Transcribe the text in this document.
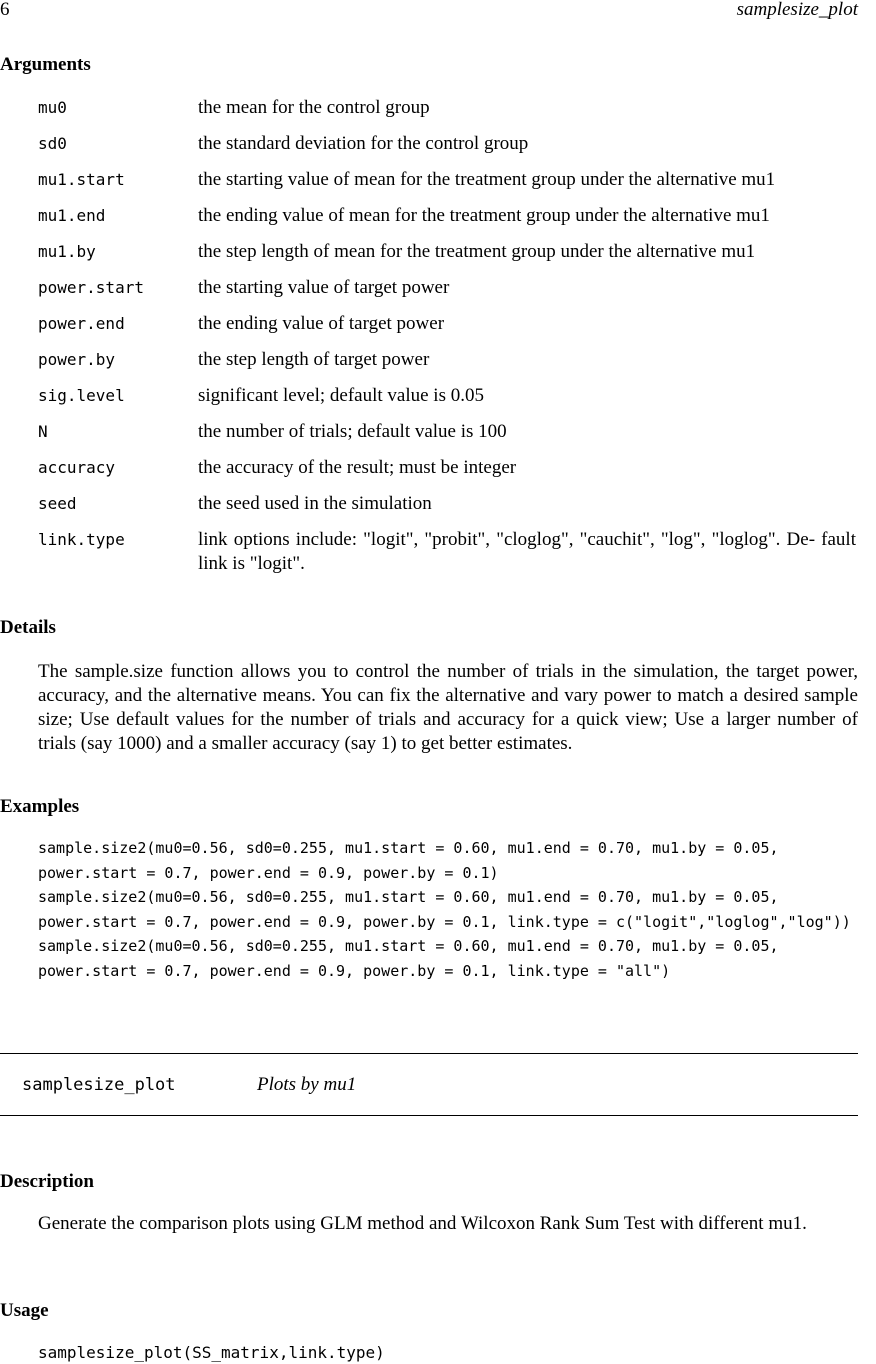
6	samplesize_plot
Arguments
mu0	the mean for the control group
sd0	the standard deviation for the control group
mu1.start	the starting value of mean for the treatment group under the alternative mu1
mu1.end	the ending value of mean for the treatment group under the alternative mu1
mu1.by	the step length of mean for the treatment group under the alternative mu1
power.start	the starting value of target power
power.end	the ending value of target power
power.by	the step length of target power
sig.level	significant level; default value is 0.05
N	the number of trials; default value is 100
accuracy	the accuracy of the result; must be integer
seed	the seed used in the simulation
link.type	link options include: "logit", "probit", "cloglog", "cauchit", "log", "loglog". De- fault link is "logit".
Details
The sample.size function allows you to control the number of trials in the simulation, the target power, accuracy, and the alternative means. You can fix the alternative and vary power to match a desired sample size; Use default values for the number of trials and accuracy for a quick view; Use a larger number of trials (say 1000) and a smaller accuracy (say 1) to get better estimates.
Examples
sample.size2(mu0=0.56, sd0=0.255, mu1.start = 0.60, mu1.end = 0.70, mu1.by = 0.05,
power.start = 0.7, power.end = 0.9, power.by = 0.1)
sample.size2(mu0=0.56, sd0=0.255, mu1.start = 0.60, mu1.end = 0.70, mu1.by = 0.05,
power.start = 0.7, power.end = 0.9, power.by = 0.1, link.type = c("logit","loglog","log"))
sample.size2(mu0=0.56, sd0=0.255, mu1.start = 0.60, mu1.end = 0.70, mu1.by = 0.05,
power.start = 0.7, power.end = 0.9, power.by = 0.1, link.type = "all")
samplesize_plot	Plots by mu1
Description
Generate the comparison plots using GLM method and Wilcoxon Rank Sum Test with different mu1.
Usage
samplesize_plot(SS_matrix,link.type)
